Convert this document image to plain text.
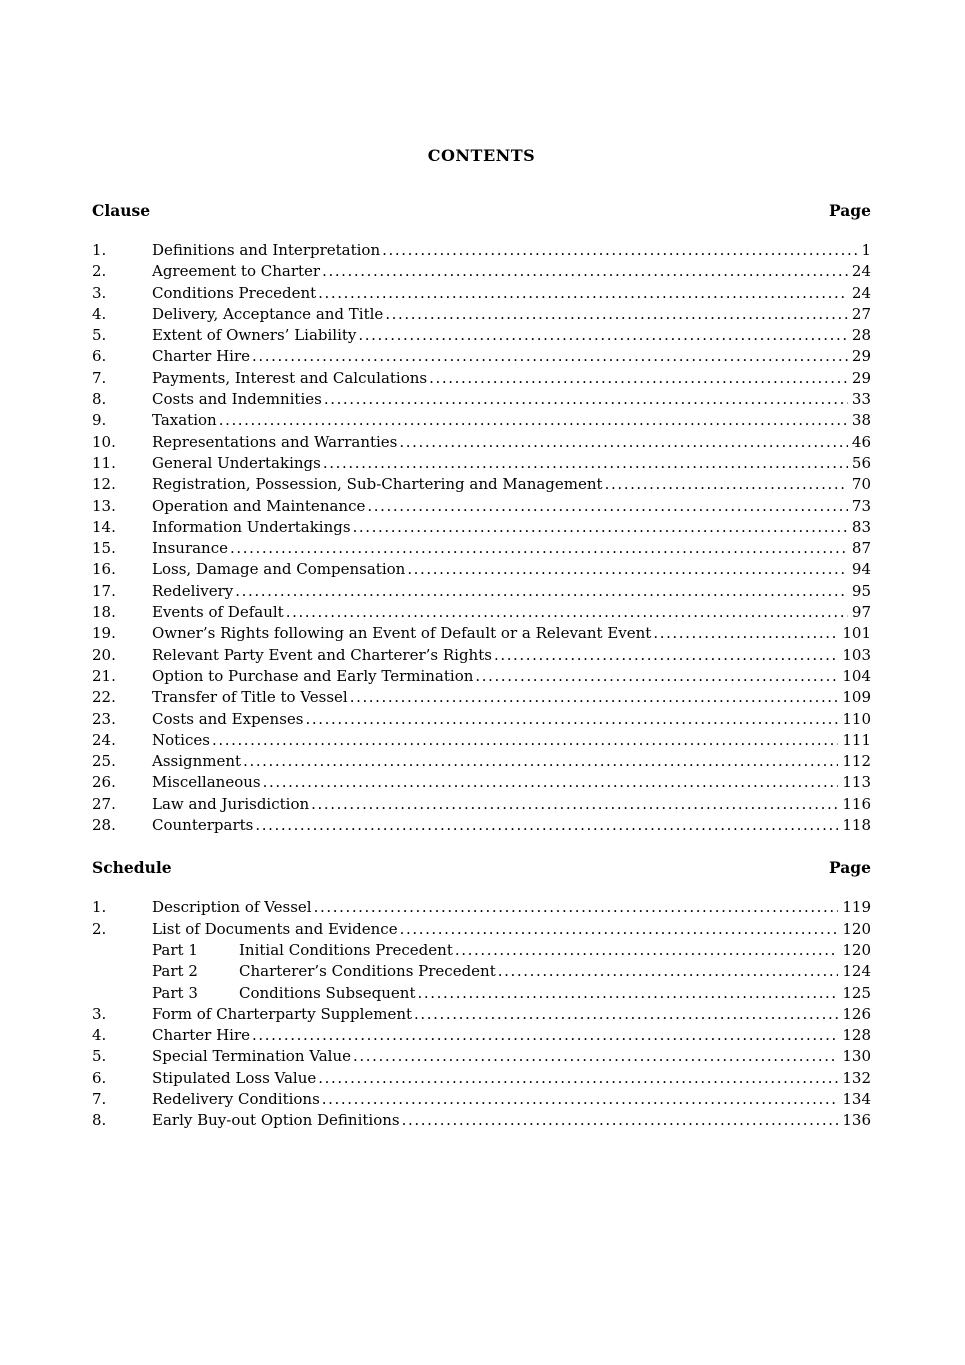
CONTENTS
Clause	Page
1.	Definitions and Interpretation .....	1
2.	Agreement to Charter .....	24
3.	Conditions Precedent .....	24
4.	Delivery, Acceptance and Title .....	27
5.	Extent of Owners’ Liability .....	28
6.	Charter Hire .....	29
7.	Payments, Interest and Calculations .....	29
8.	Costs and Indemnities .....	33
9.	Taxation .....	38
10.	Representations and Warranties .....	46
11.	General Undertakings .....	56
12.	Registration, Possession, Sub-Chartering and Management .....	70
13.	Operation and Maintenance .....	73
14.	Information Undertakings .....	83
15.	Insurance .....	87
16.	Loss, Damage and Compensation .....	94
17.	Redelivery .....	95
18.	Events of Default .....	97
19.	Owner’s Rights following an Event of Default or a Relevant Event .....	101
20.	Relevant Party Event and Charterer’s Rights .....	103
21.	Option to Purchase and Early Termination .....	104
22.	Transfer of Title to Vessel .....	109
23.	Costs and Expenses .....	110
24.	Notices .....	111
25.	Assignment .....	112
26.	Miscellaneous .....	113
27.	Law and Jurisdiction .....	116
28.	Counterparts .....	118
Schedule	Page
1.	Description of Vessel .....	119
2.	List of Documents and Evidence .....	120
Part 1	Initial Conditions Precedent .....	120
Part 2	Charterer’s Conditions Precedent .....	124
Part 3	Conditions Subsequent .....	125
3.	Form of Charterparty Supplement .....	126
4.	Charter Hire .....	128
5.	Special Termination Value .....	130
6.	Stipulated Loss Value .....	132
7.	Redelivery Conditions .....	134
8.	Early Buy-out Option Definitions .....	136
